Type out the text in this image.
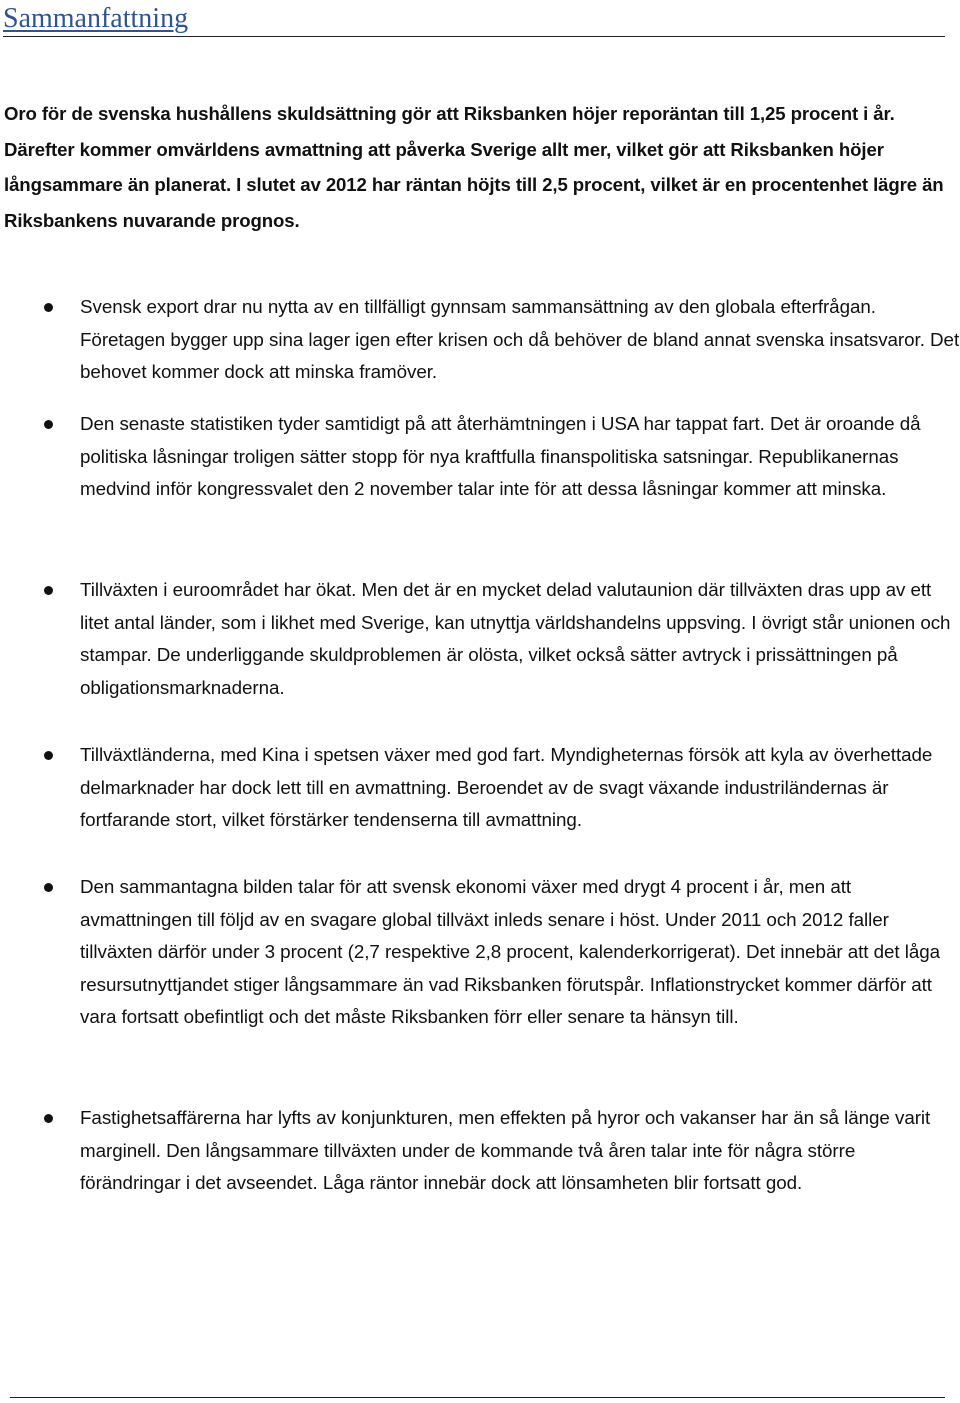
Sammanfattning

Oro för de svenska hushållens skuldsättning gör att Riksbanken höjer reporäntan till 1,25 procent i år. Därefter kommer omvärldens avmattning att påverka Sverige allt mer, vilket gör att Riksbanken höjer långsammare än planerat. I slutet av 2012 har räntan höjts till 2,5 procent, vilket är en procentenhet lägre än Riksbankens nuvarande prognos.

Svensk export drar nu nytta av en tillfälligt gynnsam sammansättning av den globala efterfrågan. Företagen bygger upp sina lager igen efter krisen och då behöver de bland annat svenska insatsvaror. Det behovet kommer dock att minska framöver.
Den senaste statistiken tyder samtidigt på att återhämtningen i USA har tappat fart. Det är oroande då politiska låsningar troligen sätter stopp för nya kraftfulla finanspolitiska satsningar. Republikanernas medvind inför kongressvalet den 2 november talar inte för att dessa låsningar kommer att minska.
Tillväxten i euroområdet har ökat. Men det är en mycket delad valutaunion där tillväxten dras upp av ett litet antal länder, som i likhet med Sverige, kan utnyttja världshandelns uppsving. I övrigt står unionen och stampar. De underliggande skuldproblemen är olösta, vilket också sätter avtryck i prissättningen på obligationsmarknaderna.
Tillväxtländerna, med Kina i spetsen växer med god fart. Myndigheternas försök att kyla av överhettade delmarknader har dock lett till en avmattning. Beroendet av de svagt växande industriländernas är fortfarande stort, vilket förstärker tendenserna till avmattning.
Den sammantagna bilden talar för att svensk ekonomi växer med drygt 4 procent i år, men att avmattningen till följd av en svagare global tillväxt inleds senare i höst. Under 2011 och 2012 faller tillväxten därför under 3 procent (2,7 respektive 2,8 procent, kalenderkorrigerat). Det innebär att det låga resursutnyttjandet stiger långsammare än vad Riksbanken förutspår. Inflationstrycket kommer därför att vara fortsatt obefintligt och det måste Riksbanken förr eller senare ta hänsyn till.
Fastighetsaffärerna har lyfts av konjunkturen, men effekten på hyror och vakanser har än så länge varit marginell. Den långsammare tillväxten under de kommande två åren talar inte för några större förändringar i det avseendet. Låga räntor innebär dock att lönsamheten blir fortsatt god.
